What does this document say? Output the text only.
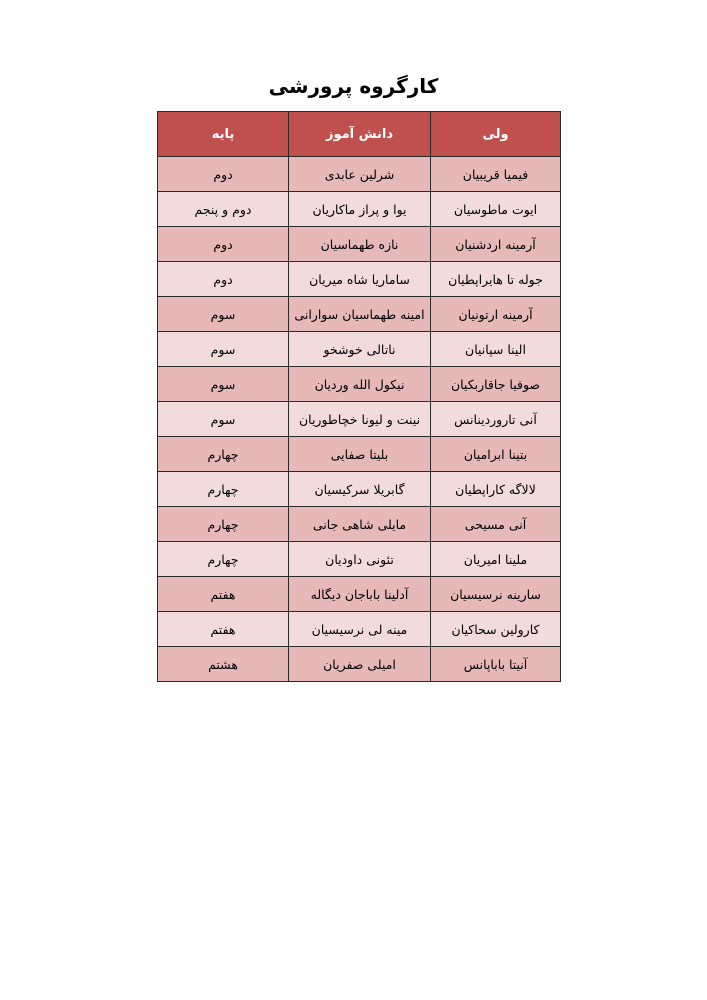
کارگروه پرورشی
ولی	دانش آموز	پایه
فیمیا قریبیان	شرلین عابدی	دوم
ایوت ماطوسیان	یوا و پراز ماکاریان	دوم و پنجم
آرمینه اردشنیان	نازه طهماسیان	دوم
جوله تا هایراپطیان	ساماریا شاه میریان	دوم
آرمینه ارتونیان	امینه طهماسیان سوارانی	سوم
الینا سپانیان	ناتالی خوشخو	سوم
صوفیا جاقاربکیان	نیکول الله وردیان	سوم
آنی تاروردینانس	نینت و لیونا خچاطوریان	سوم
بتینا ابرامیان	بلیتا صفایی	چهارم
لالاگه کاراپطیان	گابریلا سرکیسیان	چهارم
آنی مسیحی	مایلی شاهی جانی	چهارم
ملینا امیریان	تئونی داودیان	چهارم
سارینه نرسیسیان	آدلینا باباجان دیگاله	هفتم
کارولین سحاکیان	مینه لی نرسیسیان	هفتم
آنیتا باباپانس	امیلی صفریان	هشتم
